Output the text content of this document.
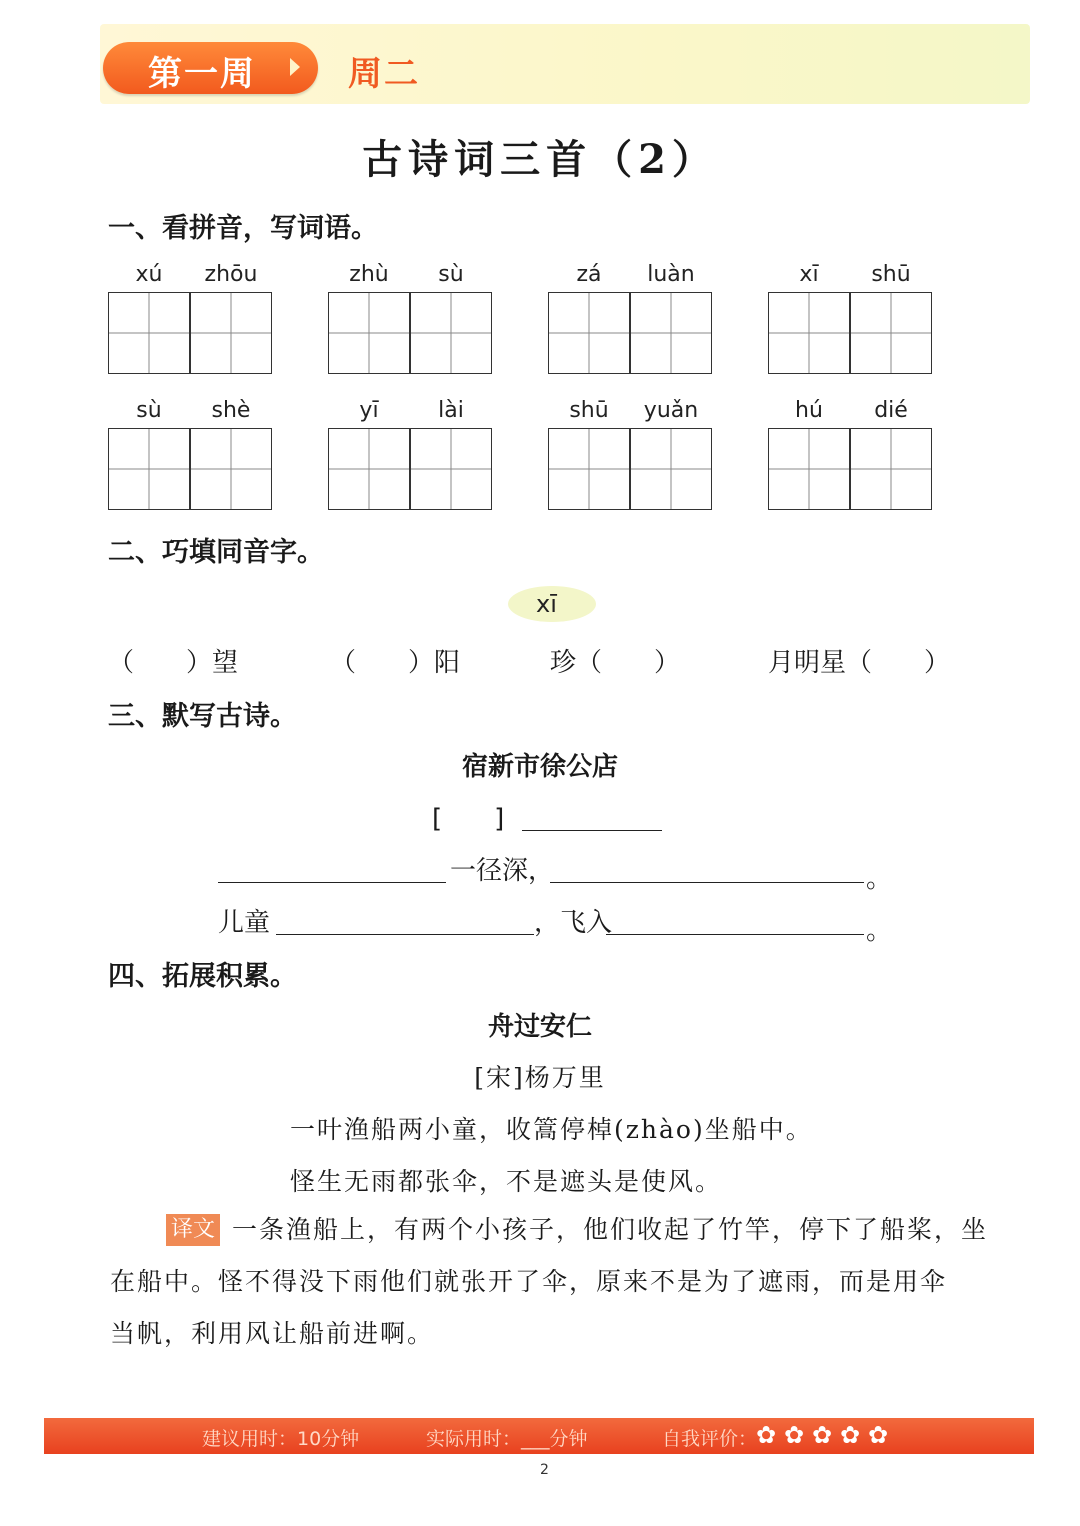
第一周	周二
古诗词三首（2）
一、看拼音，写词语。
xú	zhōu	zhù	sù	zá	luàn	xī	shū
sù	shè	yī	lài	shū	yuǎn	hú	dié
二、巧填同音字。
xī
（　　）望	（　　）阳	珍（　　）	月明星（　　）
三、默写古诗。
宿新市徐公店
[　　]
一径深，	。
儿童	，飞入	。
四、拓展积累。
舟过安仁
[宋]杨万里
一叶渔船两小童，收篙停棹(zhào)坐船中。
怪生无雨都张伞，不是遮头是使风。
译文 一条渔船上，有两个小孩子，他们收起了竹竿，停下了船桨，坐
在船中。怪不得没下雨他们就张开了伞，原来不是为了遮雨，而是用伞
当帆，利用风让船前进啊。
建议用时：10分钟	实际用时：___分钟	自我评价：
✿ ✿ ✿ ✿ ✿
2
